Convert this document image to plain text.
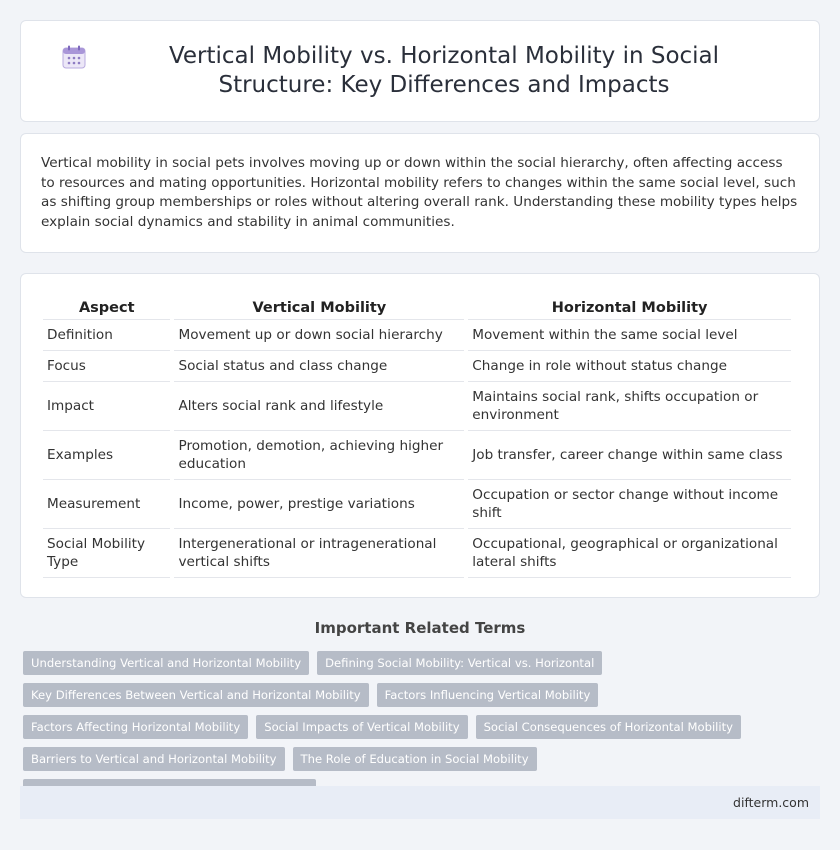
Vertical Mobility vs. Horizontal Mobility in Social Structure: Key Differences and Impacts

Vertical mobility in social pets involves moving up or down within the social hierarchy, often affecting access to resources and mating opportunities. Horizontal mobility refers to changes within the same social level, such as shifting group memberships or roles without altering overall rank. Understanding these mobility types helps explain social dynamics and stability in animal communities.

Aspect	Vertical Mobility	Horizontal Mobility
Definition	Movement up or down social hierarchy	Movement within the same social level
Focus	Social status and class change	Change in role without status change
Impact	Alters social rank and lifestyle	Maintains social rank, shifts occupation or environment
Examples	Promotion, demotion, achieving higher education	Job transfer, career change within same class
Measurement	Income, power, prestige variations	Occupation or sector change without income shift
Social Mobility Type	Intergenerational or intragenerational vertical shifts	Occupational, geographical or organizational lateral shifts
Important Related Terms
Understanding Vertical and Horizontal Mobility	Defining Social Mobility: Vertical vs. Horizontal
Key Differences Between Vertical and Horizontal Mobility	Factors Influencing Vertical Mobility
Factors Affecting Horizontal Mobility	Social Impacts of Vertical Mobility	Social Consequences of Horizontal Mobility
Barriers to Vertical and Horizontal Mobility	The Role of Education in Social Mobility
difterm.com
